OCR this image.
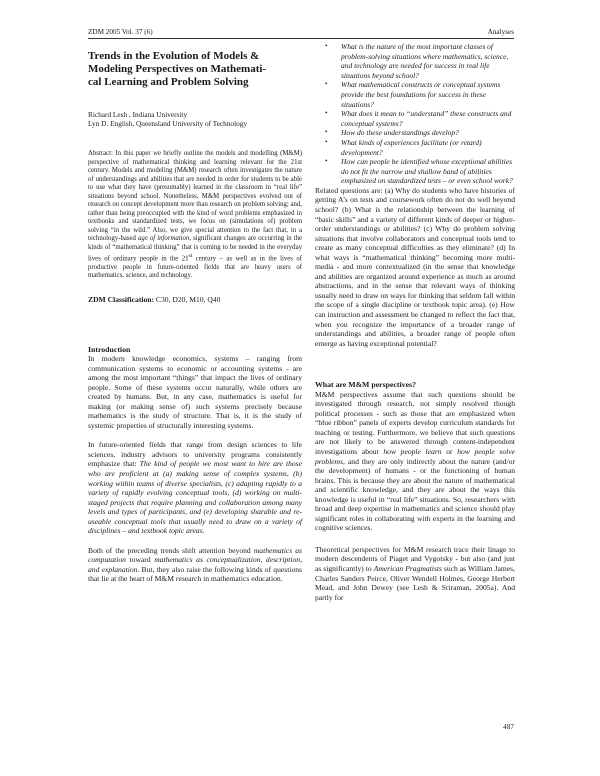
ZDM 2005 Vol. 37 (6)	Analyses
Trends in the Evolution of Models &
Modeling Perspectives on Mathemati-
cal Learning and Problem Solving

Richard Lesh , Indiana University

Lyn D. English, Queensland University of Technology

Abstract: In this paper we briefly outline the models and modelling (M&M) perspective of mathematical thinking and learning relevant for the 21st century. Models and modeling (M&M) research often investigates the nature of understandings and abilities that are needed in order for students to be able to use what they have (presumably) learned in the classroom in “real life” situations beyond school. Nonetheless, M&M perspectives evolved out of research on concept development more than research on problem solving; and, rather than being preoccupied with the kind of word problems emphasized in textbooks and standardized tests, we focus on (simulations of) problem solving “in the wild.” Also, we give special attention to the fact that, in a technology-based age of information, significant changes are occurring in the kinds of “mathematical thinking” that is coming to be needed in the everyday lives of ordinary people in the 21st century – as well as in the lives of productive people in future-oriented fields that are heavy users of mathematics, science, and technology.

ZDM Classification: C30, D20, M10, Q40

Introduction

In modern knowledge economics, systems – ranging from communication systems to economic or accounting systems - are among the most important “things” that impact the lives of ordinary people. Some of these systems occur naturally, while others are created by humans. But, in any case, mathematics is useful for making (or making sense of) such systems precisely because mathematics is the study of structure. That is, it is the study of systemic properties of structurally interesting systems.

In future-oriented fields that range from design sciences to life sciences, industry advisors to university programs consistently emphasize that: The kind of people we most want to hire are those who are proficient at (a) making sense of complex systems, (b) working within teams of diverse specialists, (c) adapting rapidly to a variety of rapidly evolving conceptual tools, (d) working on multi-staged projects that require planning and collaboration among many levels and types of participants, and (e) developing sharable and re-useable conceptual tools that usually need to draw on a variety of disciplines – and textbook topic areas.

Both of the preceding trends shift attention beyond mathematics as computation toward mathematics as conceptualization, description, and explanation. But, they also raise the following kinds of questions that lie at the heart of M&M research in mathematics education.

• What is the nature of the most important classes of problem-solving situations where mathematics, science, and technology are needed for success in real life situations beyond school?
• What mathematical constructs or conceptual systems provide the best foundations for success in these situations?
• What does it mean to “understand” these constructs and conceptual systems?
• How do these understandings develop?
• What kinds of experiences facilitate (or retard) development?
• How can people be identified whose exceptional abilities do not fit the narrow and shallow band of abilities emphasized on standardized tests – or even school work?

Related questions are: (a) Why do students who have histories of getting A’s on tests and coursework often do not do well beyond school? (b) What is the relationship between the learning of “basic skills” and a variety of different kinds of deeper or higher-order understandings or abilities? (c) Why do problem solving situations that involve collaborators and conceptual tools tend to create as many conceptual difficulties as they eliminate? (d) In what ways is “mathematical thinking” becoming more multi-media - and more contextualized (in the sense that knowledge and abilities are organized around experience as much as around abstractions, and in the sense that relevant ways of thinking usually need to draw on ways for thinking that seldom fall within the scope of a single discipline or textbook topic area). (e) How can instruction and assessment be changed to reflect the fact that, when you recognize the importance of a broader range of understandings and abilities, a broader range of people often emerge as having exceptional potential?

What are M&M perspectives?

M&M perspectives assume that such questions should be investigated through research, not simply resolved though political processes - such as those that are emphasized when “blue ribbon” panels of experts develop curriculum standards for teaching or testing. Furthermore, we believe that such questions are not likely to be answered through content-independent investigations about how people learn or how people solve problems, and they are only indirectly about the nature (and/or the development) of humans - or the functioning of human brains. This is because they are about the nature of mathematical and scientific knowledge, and they are about the ways this knowledge is useful in “real life” situations. So, researchers with broad and deep expertise in mathematics and science should play significant roles in collaborating with experts in the learning and cognitive sciences.

Theoretical perspectives for M&M research trace their linage to modern descendents of Piaget and Vygotsky - but also (and just as significantly) to American Pragmatists such as William James, Charles Sanders Peirce, Oliver Wendell Holmes, George Herbert Mead, and John Dewey (see Lesh & Sriraman, 2005a). And partly for

487
